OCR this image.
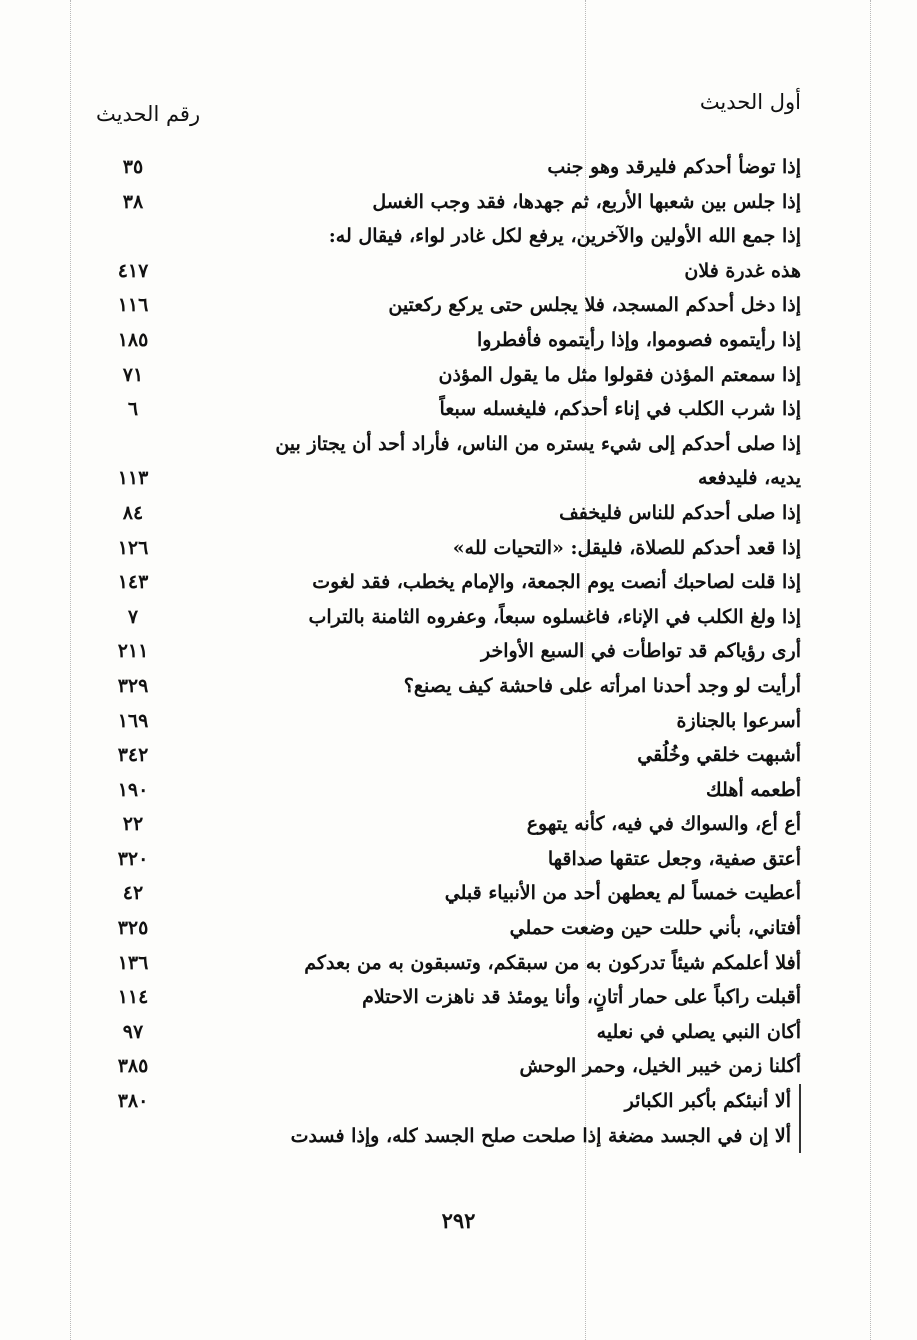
أول الحديث
رقم الحديث
إذا توضأ أحدكم فليرقد وهو جنب
٣٥
إذا جلس بين شعبها الأربع، ثم جهدها، فقد وجب الغسل
٣٨
إذا جمع الله الأولين والآخرين، يرفع لكل غادر لواء، فيقال له:
هذه غدرة فلان
٤١٧
إذا دخل أحدكم المسجد، فلا يجلس حتى يركع ركعتين
١١٦
إذا رأيتموه فصوموا، وإذا رأيتموه فأفطروا
١٨٥
إذا سمعتم المؤذن فقولوا مثل ما يقول المؤذن
٧١
إذا شرب الكلب في إناء أحدكم، فليغسله سبعاً
٦
إذا صلى أحدكم إلى شيء يستره من الناس، فأراد أحد أن يجتاز بين
يديه، فليدفعه
١١٣
إذا صلى أحدكم للناس فليخفف
٨٤
إذا قعد أحدكم للصلاة، فليقل: «التحيات لله»
١٢٦
إذا قلت لصاحبك أنصت يوم الجمعة، والإمام يخطب، فقد لغوت
١٤٣
إذا ولغ الكلب في الإناء، فاغسلوه سبعاً، وعفروه الثامنة بالتراب
٧
أرى رؤياكم قد تواطأت في السبع الأواخر
٢١١
أرأيت لو وجد أحدنا امرأته على فاحشة كيف يصنع؟
٣٢٩
أسرعوا بالجنازة
١٦٩
أشبهت خلقي وخُلُقي
٣٤٢
أطعمه أهلك
١٩٠
أع أع، والسواك في فيه، كأنه يتهوع
٢٢
أعتق صفية، وجعل عتقها صداقها
٣٢٠
أعطيت خمساً لم يعطهن أحد من الأنبياء قبلي
٤٢
أفتاني، بأني حللت حين وضعت حملي
٣٢٥
أفلا أعلمكم شيئاً تدركون به من سبقكم، وتسبقون به من بعدكم
١٣٦
أقبلت راكباً على حمار أتانٍ، وأنا يومئذ قد ناهزت الاحتلام
١١٤
أكان النبي يصلي في نعليه
٩٧
أكلنا زمن خيبر الخيل، وحمر الوحش
٣٨٥
ألا أنبئكم بأكبر الكبائر
٣٨٠
ألا إن في الجسد مضغة إذا صلحت صلح الجسد كله، وإذا فسدت
٢٩٢
